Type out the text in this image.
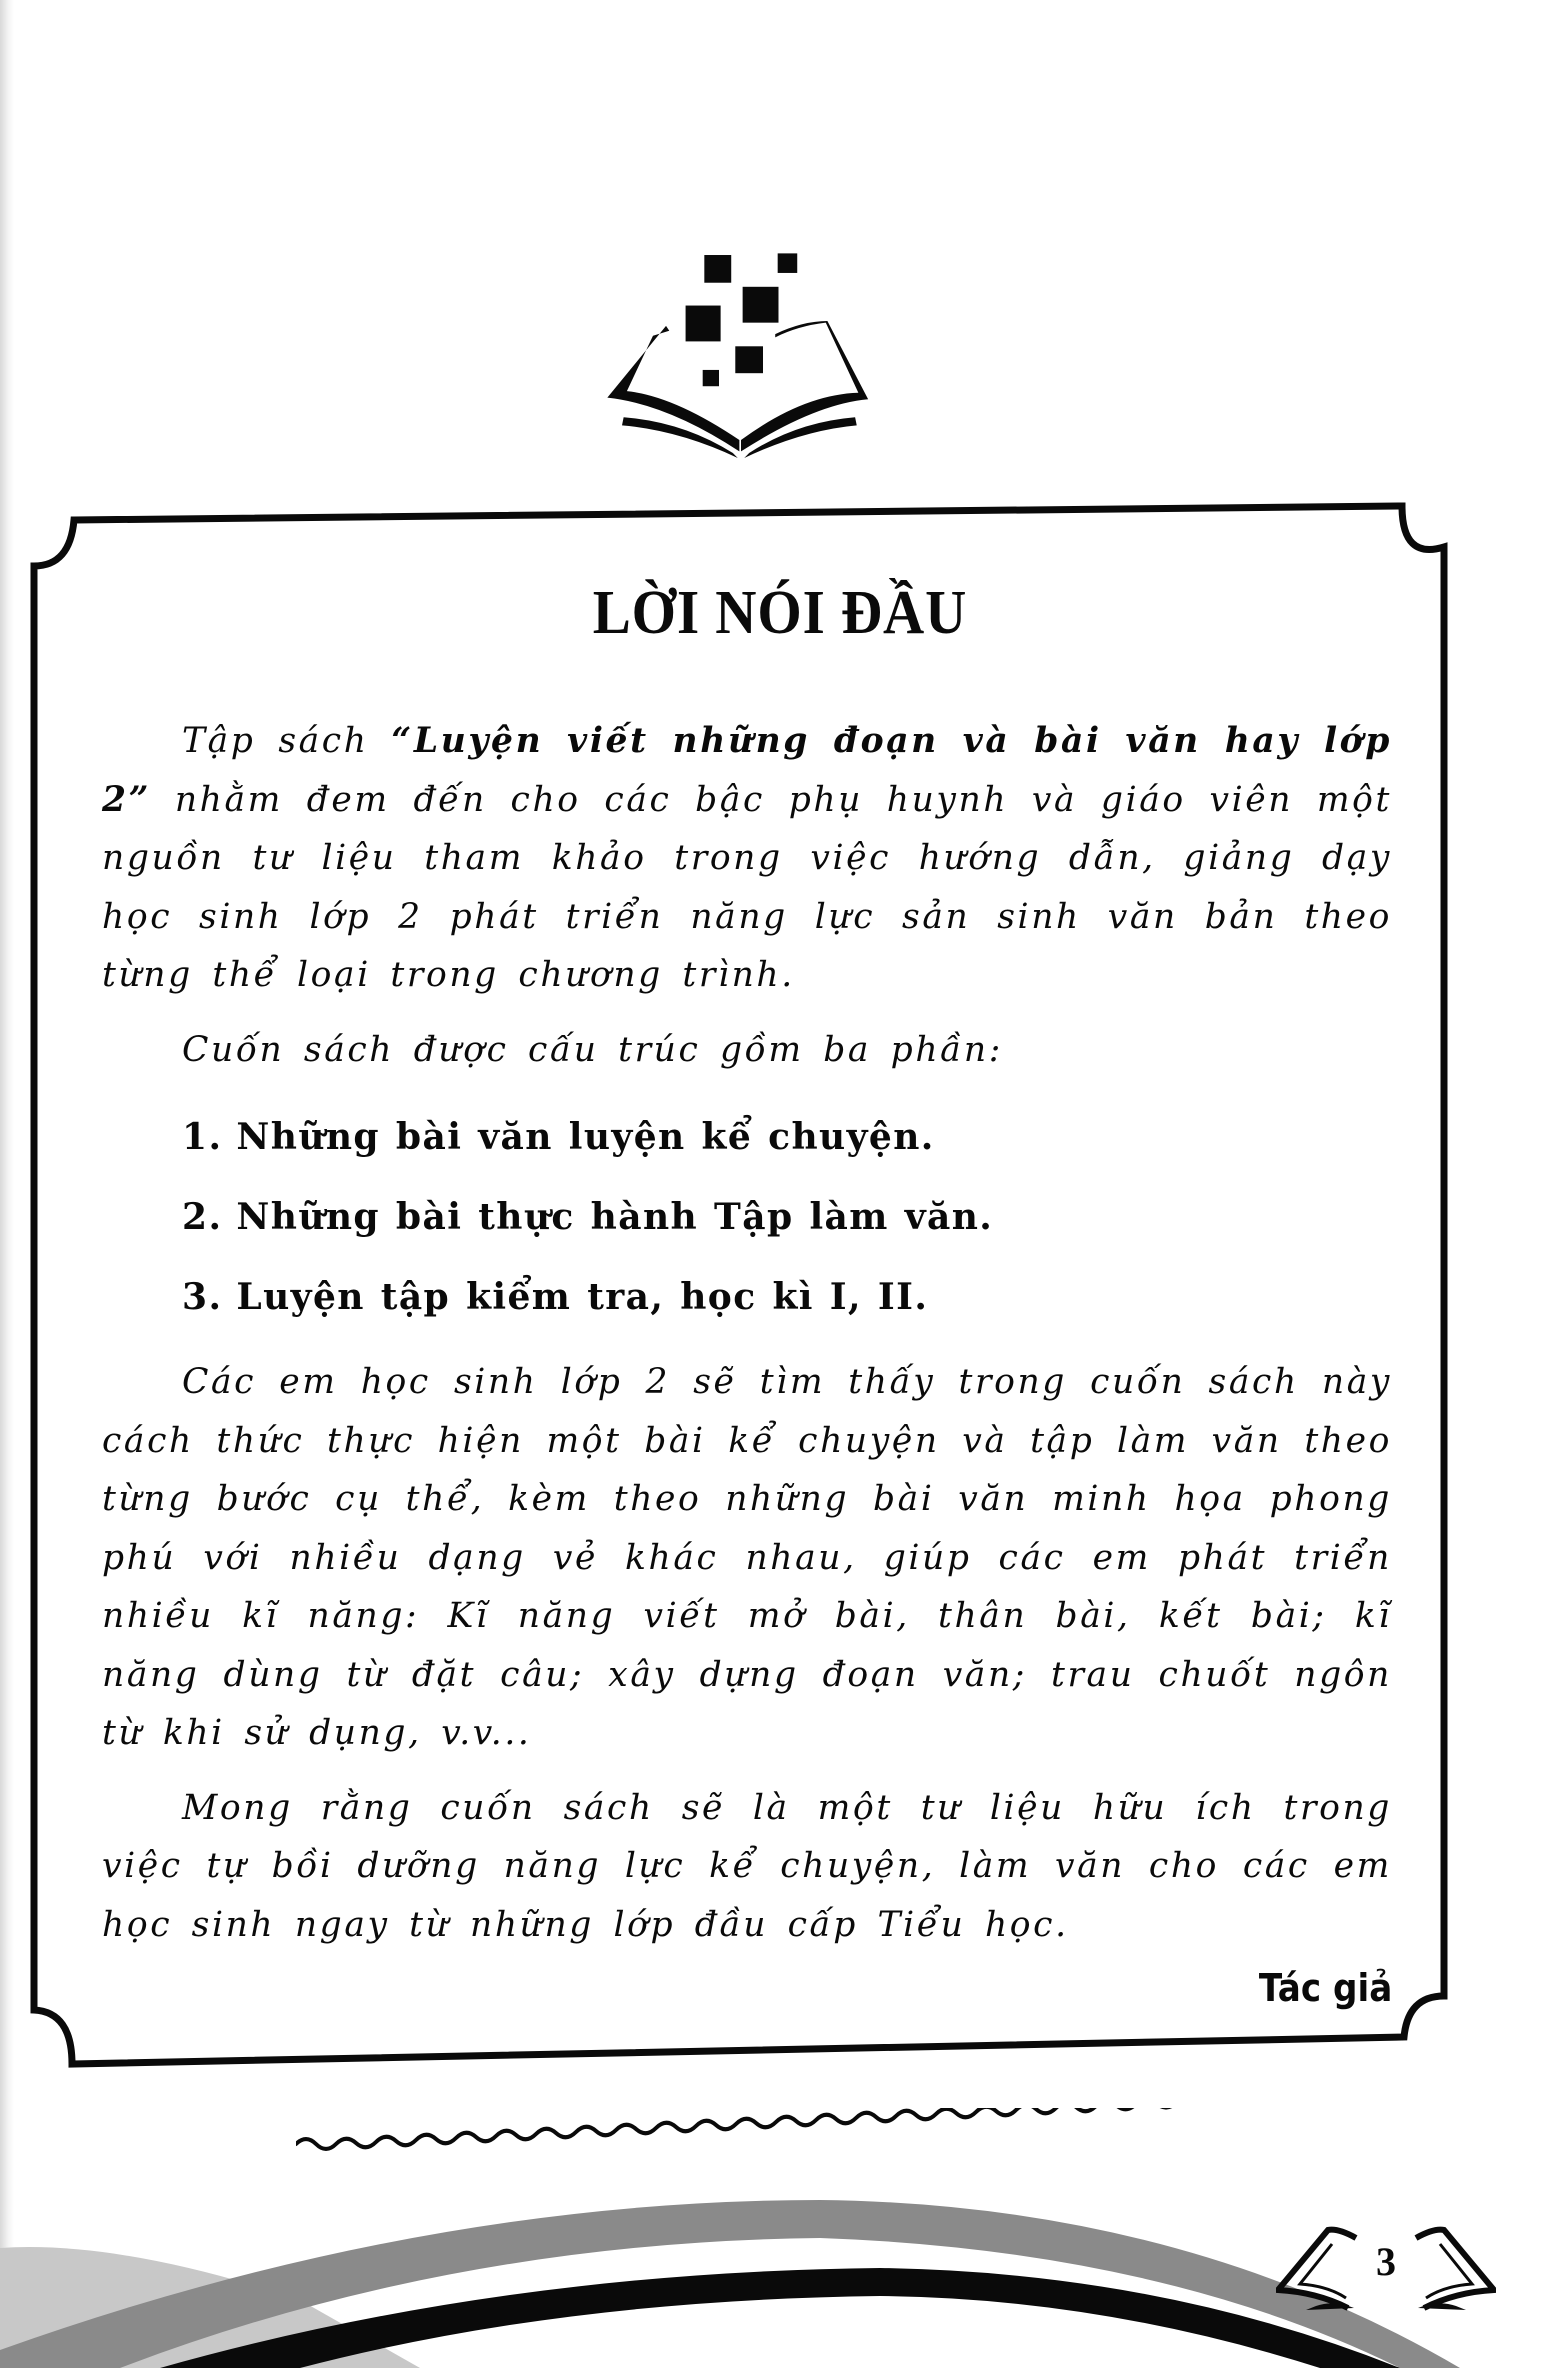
LỜI NÓI ĐẦU

Tập sách “Luyện viết những đoạn và bài văn hay lớp 2” nhằm đem đến cho các bậc phụ huynh và giáo viên một nguồn tư liệu tham khảo trong việc hướng dẫn, giảng dạy học sinh lớp 2 phát triển năng lực sản sinh văn bản theo từng thể loại trong chương trình.

Cuốn sách được cấu trúc gồm ba phần:

1. Những bài văn luyện kể chuyện.
2. Những bài thực hành Tập làm văn.
3. Luyện tập kiểm tra, học kì I, II.

Các em học sinh lớp 2 sẽ tìm thấy trong cuốn sách này cách thức thực hiện một bài kể chuyện và tập làm văn theo từng bước cụ thể, kèm theo những bài văn minh họa phong phú với nhiều dạng vẻ khác nhau, giúp các em phát triển nhiều kĩ năng: Kĩ năng viết mở bài, thân bài, kết bài; kĩ năng dùng từ đặt câu; xây dựng đoạn văn; trau chuốt ngôn từ khi sử dụng, v.v...

Mong rằng cuốn sách sẽ là một tư liệu hữu ích trong việc tự bồi dưỡng năng lực kể chuyện, làm văn cho các em học sinh ngay từ những lớp đầu cấp Tiểu học.

Tác giả
3
